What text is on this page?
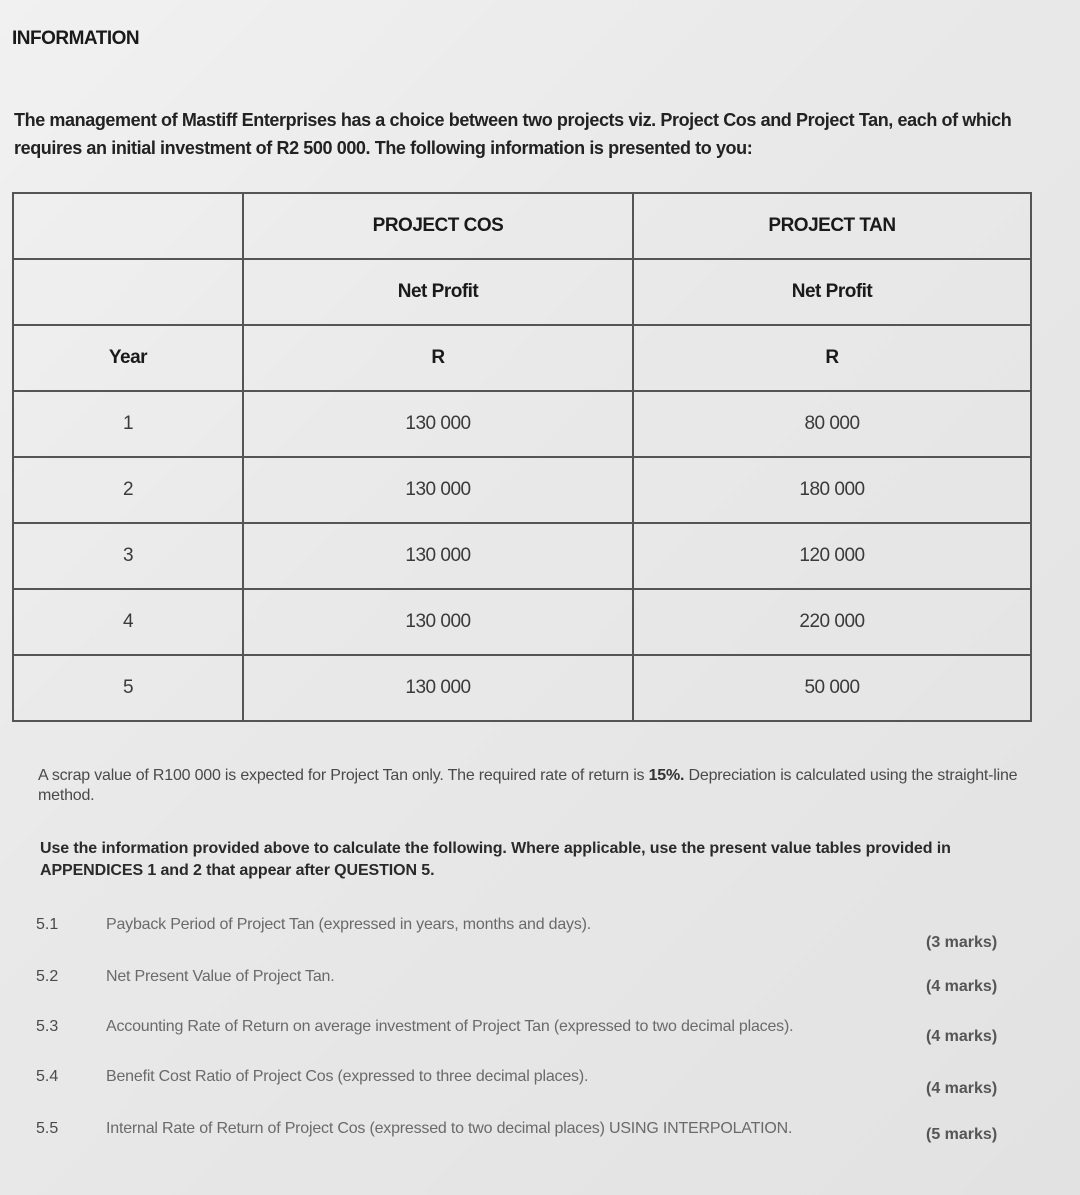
INFORMATION
The management of Mastiff Enterprises has a choice between two projects viz. Project Cos and Project Tan, each of which requires an initial investment of R2 500 000. The following information is presented to you:
	PROJECT COS	PROJECT TAN
	Net Profit	Net Profit
Year	R	R
1	130 000	80 000
2	130 000	180 000
3	130 000	120 000
4	130 000	220 000
5	130 000	50 000
A scrap value of R100 000 is expected for Project Tan only. The required rate of return is 15%. Depreciation is calculated using the straight-line method.
Use the information provided above to calculate the following. Where applicable, use the present value tables provided in APPENDICES 1 and 2 that appear after QUESTION 5.
5.1	Payback Period of Project Tan (expressed in years, months and days).
(3 marks)
5.2	Net Present Value of Project Tan.
(4 marks)
5.3	Accounting Rate of Return on average investment of Project Tan (expressed to two decimal places).
(4 marks)
5.4	Benefit Cost Ratio of Project Cos (expressed to three decimal places).
(4 marks)
5.5	Internal Rate of Return of Project Cos (expressed to two decimal places) USING INTERPOLATION.	(5 marks)
